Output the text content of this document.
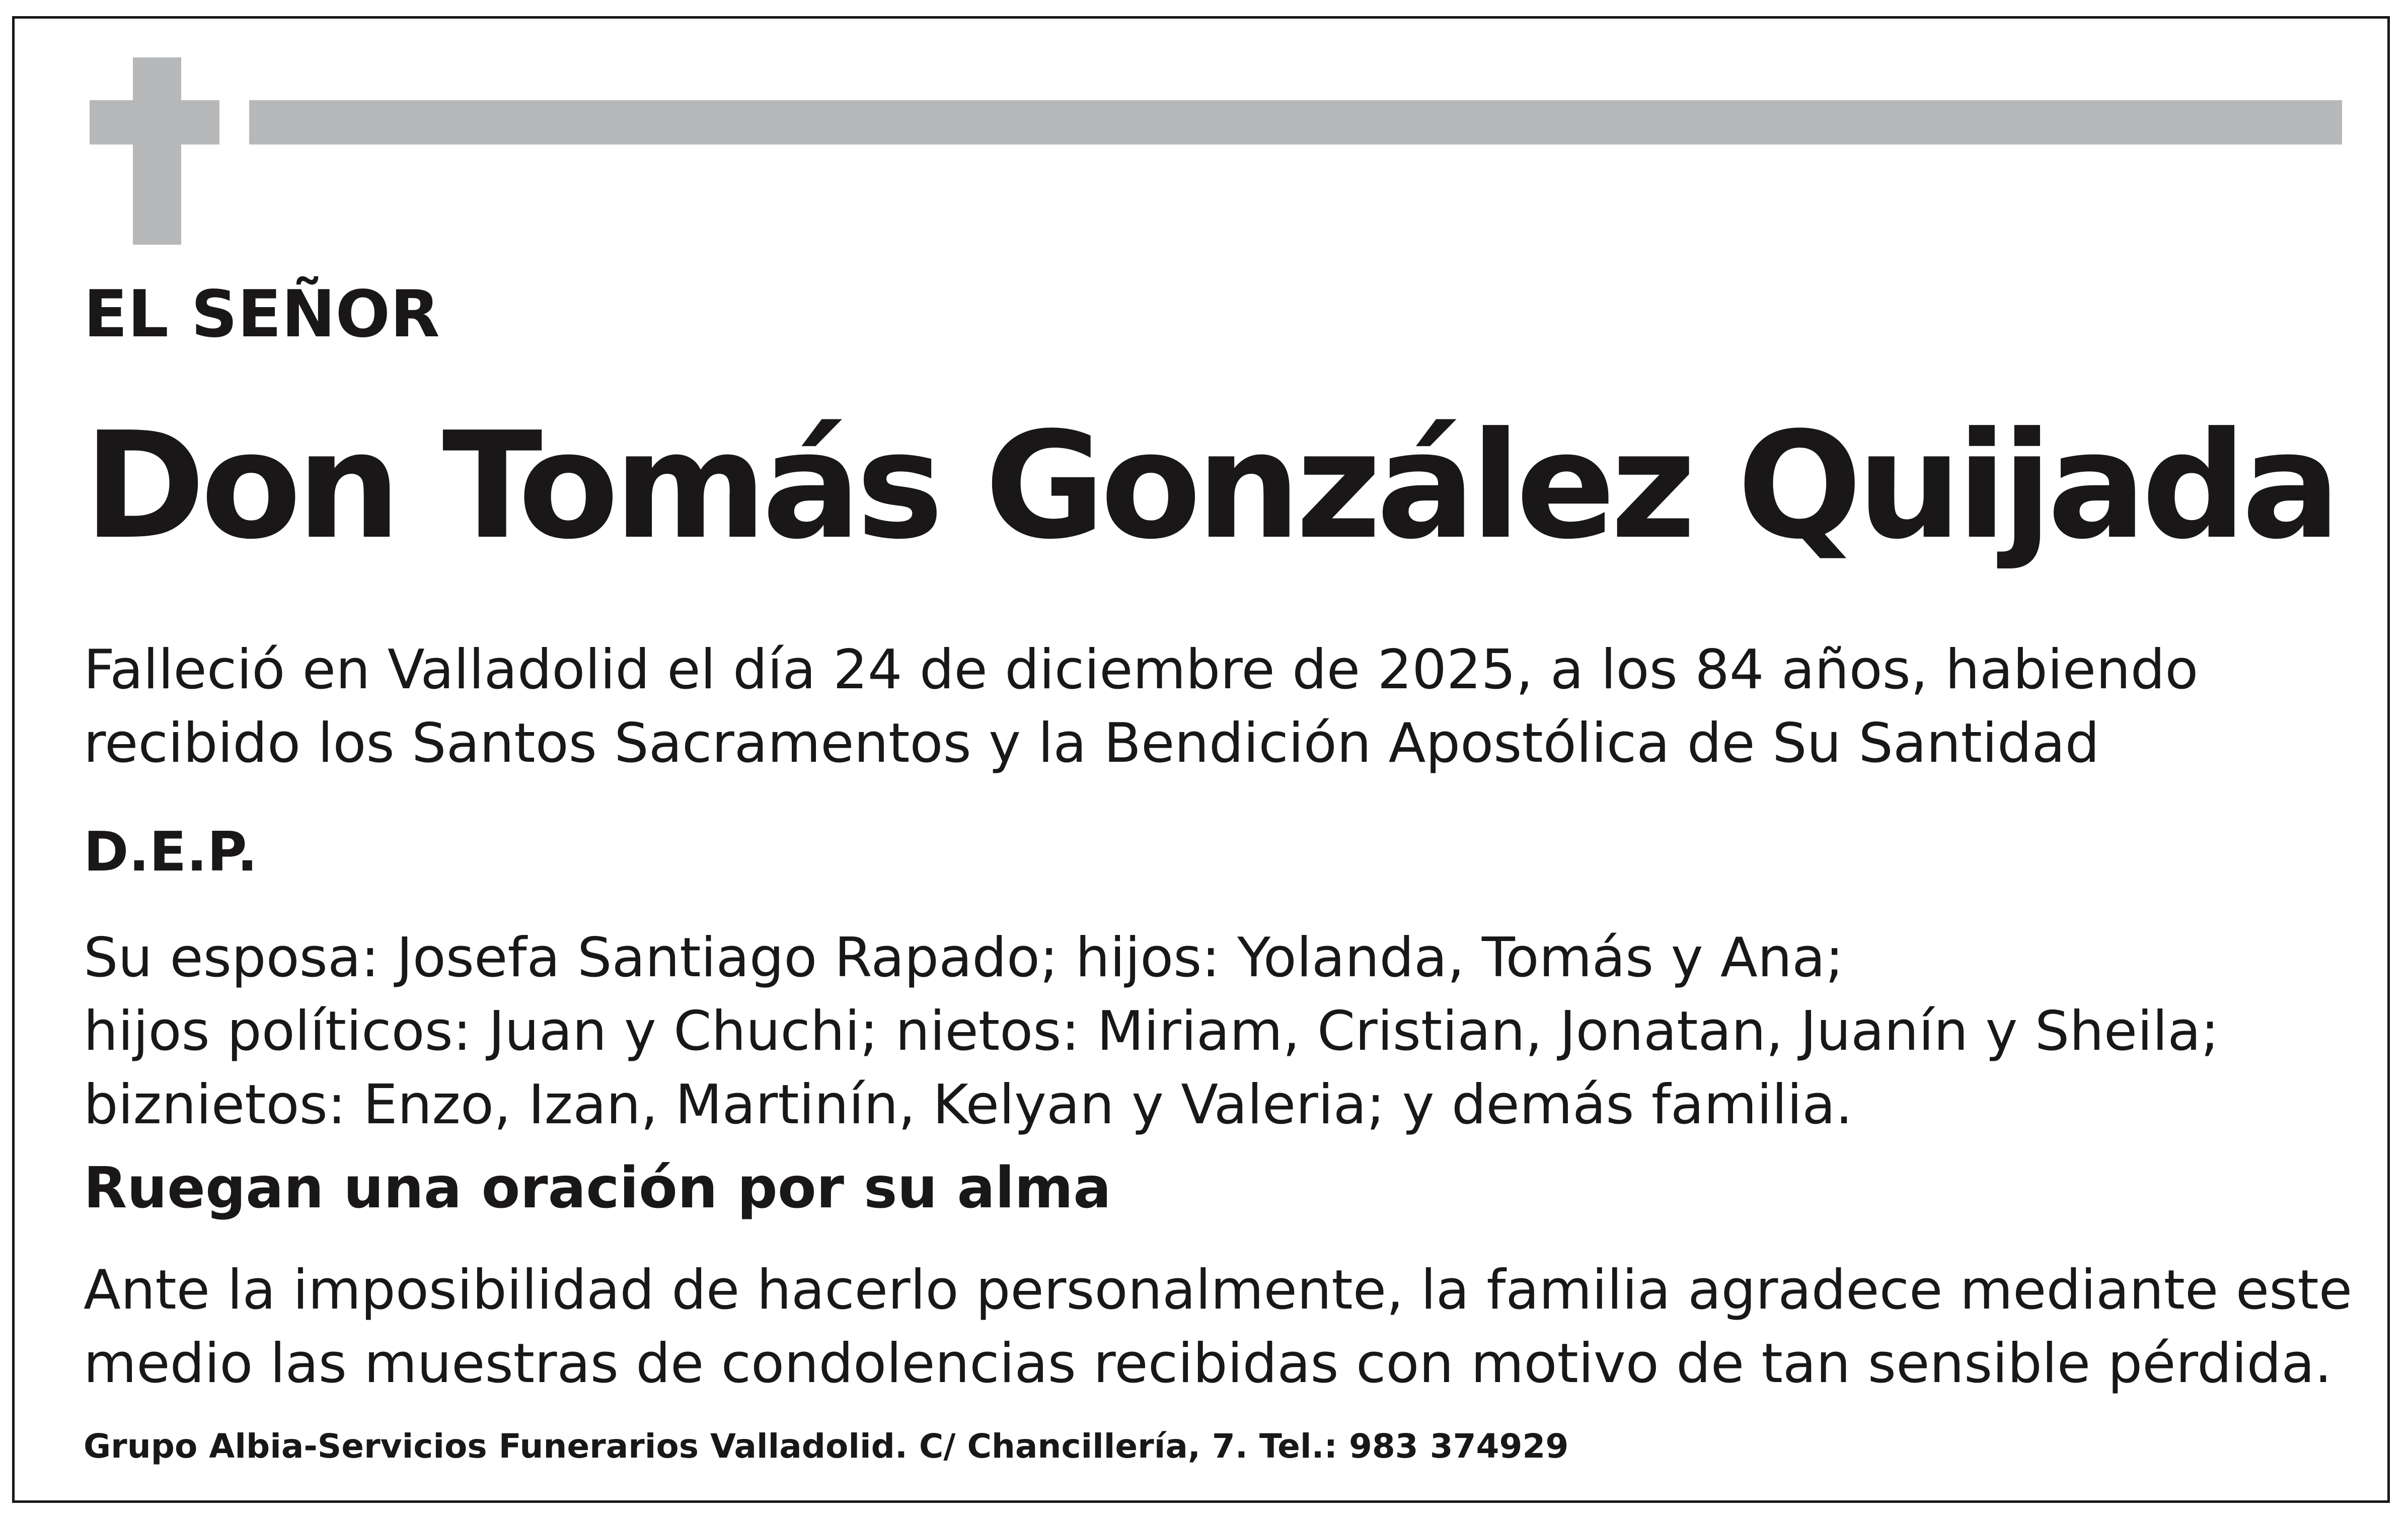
EL SEÑOR
Don Tomás González Quijada

Falleció en Valladolid el día 24 de diciembre de 2025, a los 84 años, habiendo
recibido los Santos Sacramentos y la Bendición Apostólica de Su Santidad

D.E.P.

Su esposa: Josefa Santiago Rapado; hijos: Yolanda, Tomás y Ana;
hijos políticos: Juan y Chuchi; nietos: Miriam, Cristian, Jonatan, Juanín y Sheila;
biznietos: Enzo, Izan, Martinín, Kelyan y Valeria; y demás familia.

Ruegan una oración por su alma

Ante la imposibilidad de hacerlo personalmente, la familia agradece mediante este
medio las muestras de condolencias recibidas con motivo de tan sensible pérdida.

Grupo Albia-Servicios Funerarios Valladolid. C/ Chancillería, 7. Tel.: 983 374929
